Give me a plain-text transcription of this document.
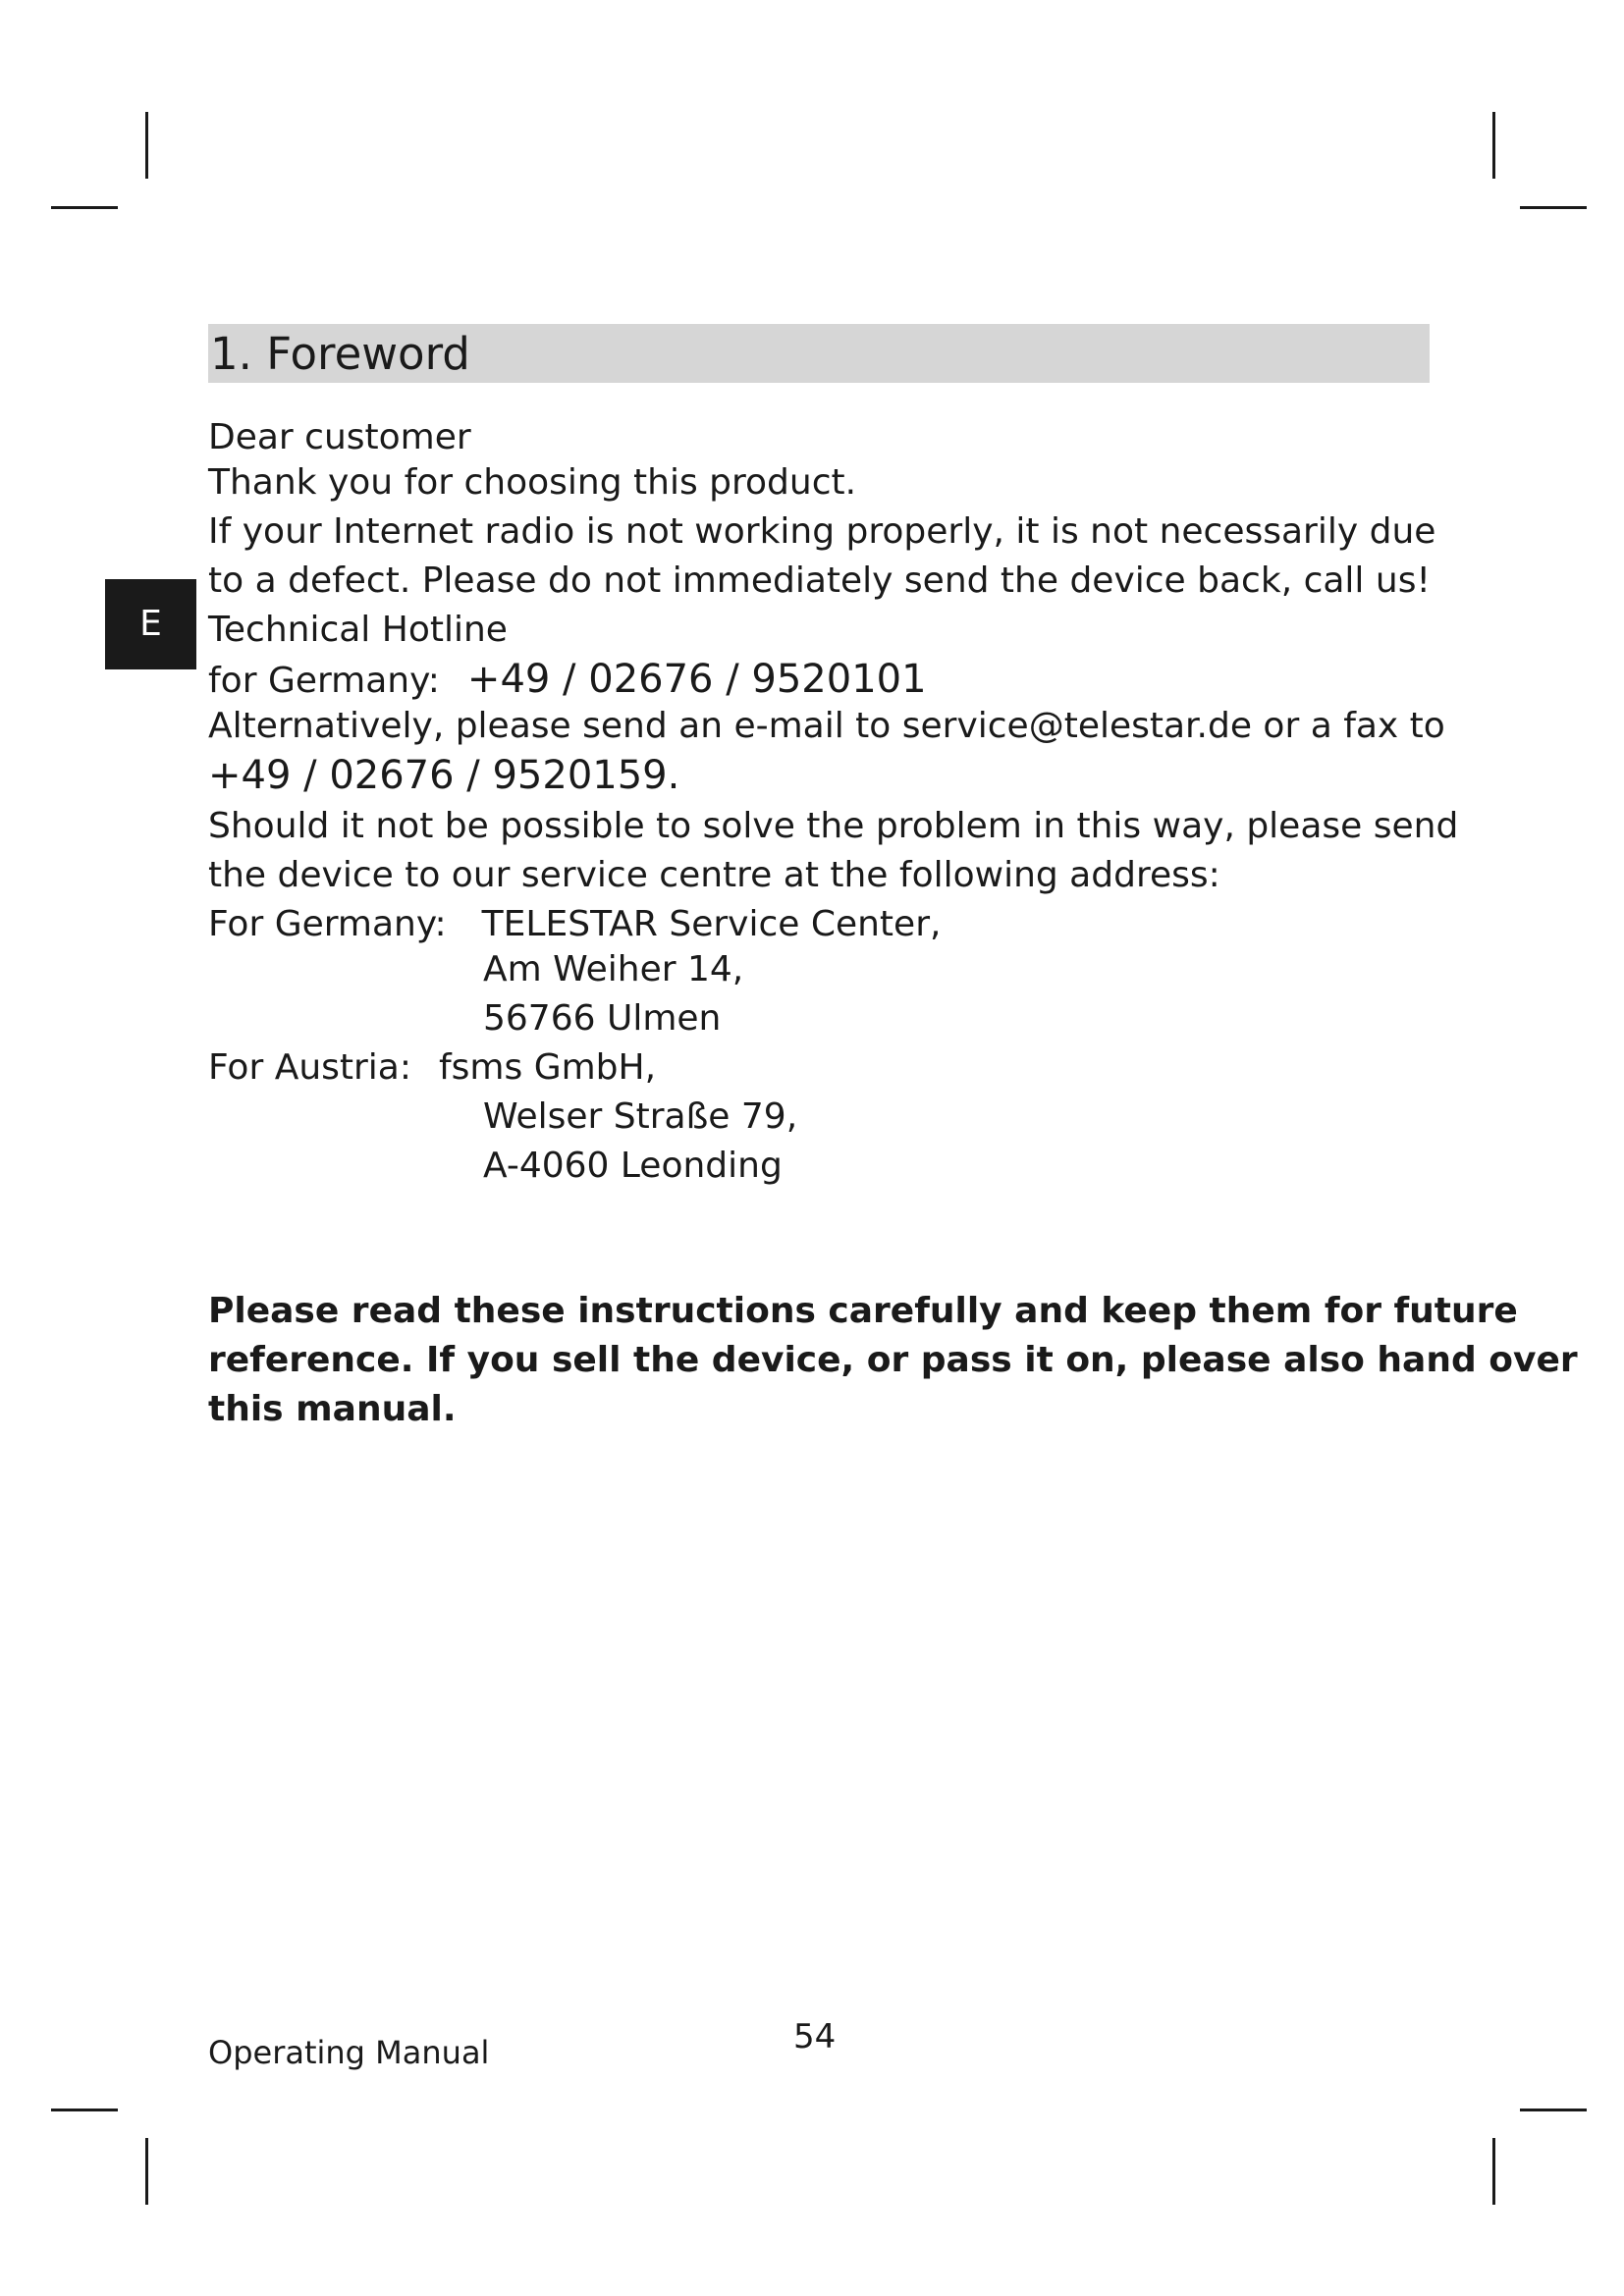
1. Foreword
E
Dear customer
Thank you for choosing this product.
If your Internet radio is not working properly, it is not necessarily due
to a defect. Please do not immediately send the device back, call us!
Technical Hotline
for Germany: +49 / 02676 / 9520101
Alternatively, please send an e-mail to service@telestar.de or a fax to
+49 / 02676 / 9520159.
Should it not be possible to solve the problem in this way, please send
the device to our service centre at the following address:
For Germany: TELESTAR Service Center,
Am Weiher 14,
56766 Ulmen
For Austria: fsms GmbH,
Welser Straße 79,
A-4060 Leonding
Please read these instructions carefully and keep them for future
reference. If you sell the device, or pass it on, please also hand over
this manual.
Operating Manual	54
